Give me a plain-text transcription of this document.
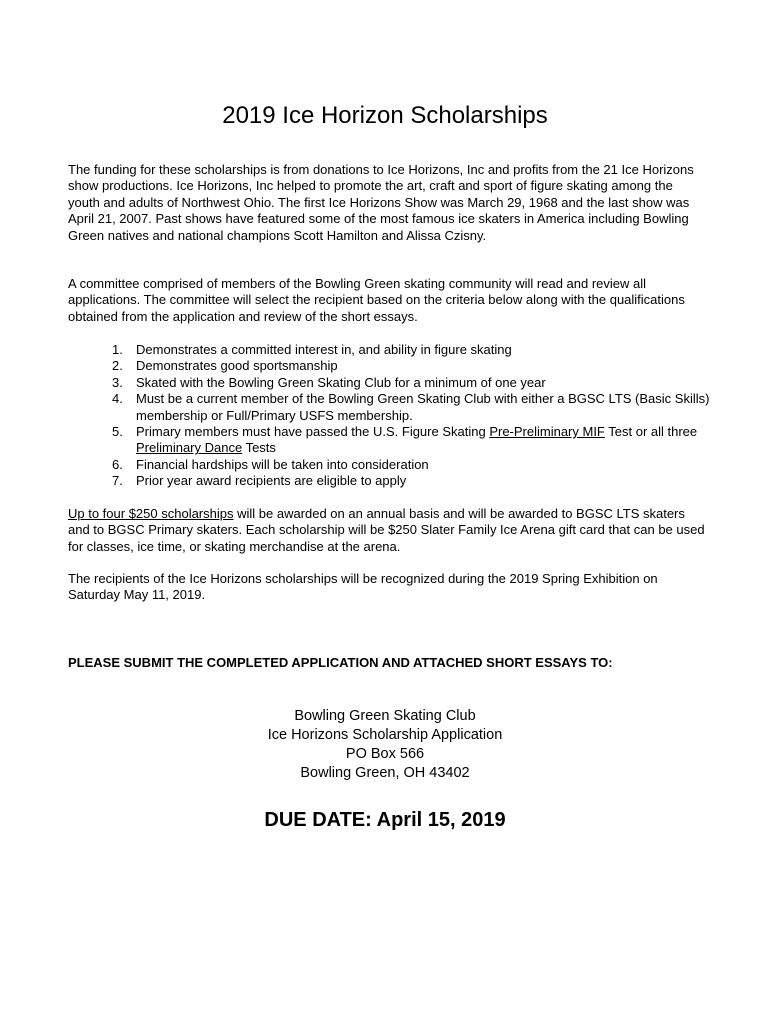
2019 Ice Horizon Scholarships

The funding for these scholarships is from donations to Ice Horizons, Inc and profits from the 21 Ice Horizons show productions. Ice Horizons, Inc helped to promote the art, craft and sport of figure skating among the youth and adults of Northwest Ohio. The first Ice Horizons Show was March 29, 1968 and the last show was April 21, 2007. Past shows have featured some of the most famous ice skaters in America including Bowling Green natives and national champions Scott Hamilton and Alissa Czisny.

A committee comprised of members of the Bowling Green skating community will read and review all applications. The committee will select the recipient based on the criteria below along with the qualifications obtained from the application and review of the short essays.

1. Demonstrates a committed interest in, and ability in figure skating
2. Demonstrates good sportsmanship
3. Skated with the Bowling Green Skating Club for a minimum of one year
4. Must be a current member of the Bowling Green Skating Club with either a BGSC LTS (Basic Skills) membership or Full/Primary USFS membership.
5. Primary members must have passed the U.S. Figure Skating Pre-Preliminary MIF Test or all three Preliminary Dance Tests
6. Financial hardships will be taken into consideration
7. Prior year award recipients are eligible to apply

Up to four $250 scholarships will be awarded on an annual basis and will be awarded to BGSC LTS skaters and to BGSC Primary skaters. Each scholarship will be $250 Slater Family Ice Arena gift card that can be used for classes, ice time, or skating merchandise at the arena.

The recipients of the Ice Horizons scholarships will be recognized during the 2019 Spring Exhibition on Saturday May 11, 2019.

PLEASE SUBMIT THE COMPLETED APPLICATION AND ATTACHED SHORT ESSAYS TO:

Bowling Green Skating Club
Ice Horizons Scholarship Application
PO Box 566
Bowling Green, OH 43402

DUE DATE: April 15, 2019
